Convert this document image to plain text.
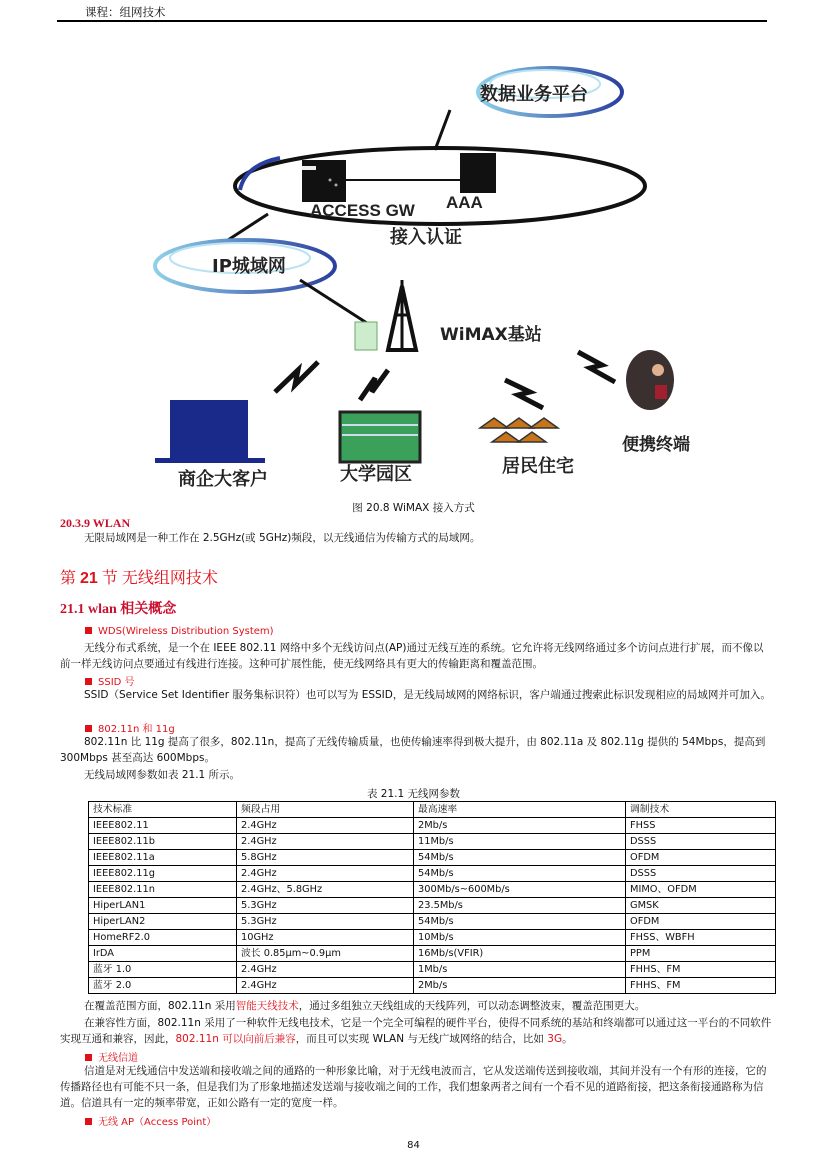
课程：组网技术
数据业务平台
ACCESS GW AAA
接入认证
IP城域网
WiMAX基站
商企大客户	大学园区	居民住宅
便携终端
图 20.8 WiMAX 接入方式
20.3.9 WLAN
无限局域网是一种工作在 2.5GHz(或 5GHz)频段，以无线通信为传输方式的局域网。
第 21 节 无线组网技术
21.1 wlan 相关概念
WDS(Wireless Distribution System)
无线分布式系统，是一个在 IEEE 802.11 网络中多个无线访问点(AP)通过无线互连的系统。它允许将无线网络通过多个访问点进行扩展，而不像以前一样无线访问点要通过有线进行连接。这种可扩展性能，使无线网络具有更大的传输距离和覆盖范围。
SSID 号
SSID（Service Set Identifier 服务集标识符）也可以写为 ESSID，是无线局域网的网络标识，客户端通过搜索此标识发现相应的局域网并可加入。
802.11n 和 11g
802.11n 比 11g 提高了很多，802.11n，提高了无线传输质量，也使传输速率得到极大提升，由 802.11a 及 802.11g 提供的 54Mbps，提高到 300Mbps 甚至高达 600Mbps。
无线局域网参数如表 21.1 所示。
表 21.1 无线网参数
技术标准	频段占用	最高速率	调制技术
IEEE802.11	2.4GHz	2Mb/s	FHSS
IEEE802.11b	2.4GHz	11Mb/s	DSSS
IEEE802.11a	5.8GHz	54Mb/s	OFDM
IEEE802.11g	2.4GHz	54Mb/s	DSSS
IEEE802.11n	2.4GHz、5.8GHz	300Mb/s~600Mb/s	MIMO、OFDM
HiperLAN1	5.3GHz	23.5Mb/s	GMSK
HiperLAN2	5.3GHz	54Mb/s	OFDM
HomeRF2.0	10GHz	10Mb/s	FHSS、WBFH
IrDA	波长 0.85μm~0.9μm	16Mb/s(VFIR)	PPM
蓝牙 1.0	2.4GHz	1Mb/s	FHHS、FM
蓝牙 2.0	2.4GHz	2Mb/s	FHHS、FM
在覆盖范围方面，802.11n 采用智能天线技术，通过多组独立天线组成的天线阵列，可以动态调整波束，覆盖范围更大。
在兼容性方面，802.11n 采用了一种软件无线电技术，它是一个完全可编程的硬件平台，使得不同系统的基站和终端都可以通过这一平台的不同软件实现互通和兼容，因此，802.11n 可以向前后兼容，而且可以实现 WLAN 与无线广域网络的结合，比如 3G。
无线信道
信道是对无线通信中发送端和接收端之间的通路的一种形象比喻，对于无线电波而言，它从发送端传送到接收端，其间并没有一个有形的连接，它的传播路径也有可能不只一条，但是我们为了形象地描述发送端与接收端之间的工作，我们想象两者之间有一个看不见的道路衔接，把这条衔接通路称为信道。信道具有一定的频率带宽，正如公路有一定的宽度一样。
无线 AP（Access Point）
84
